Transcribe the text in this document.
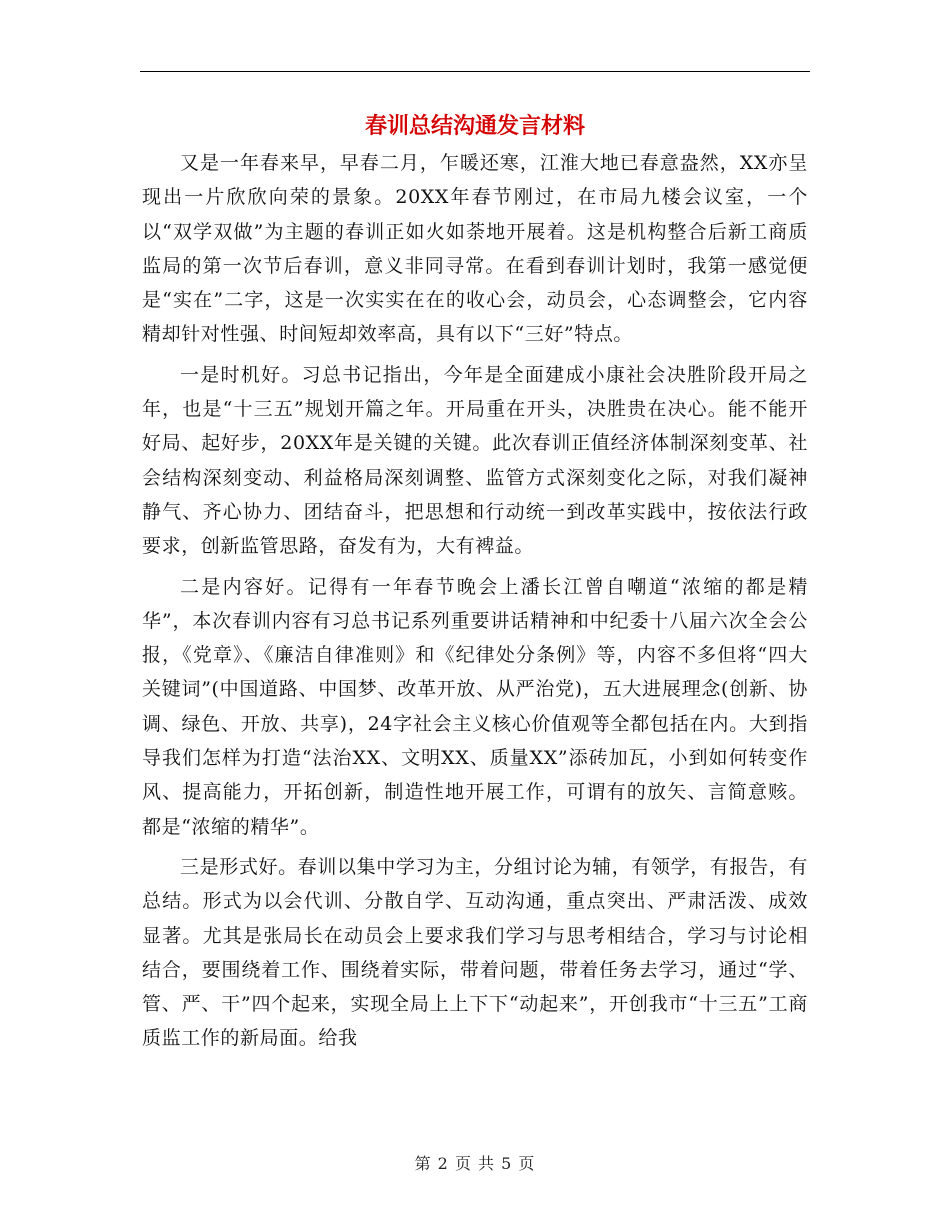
春训总结沟通发言材料

又是一年春来早，早春二月，乍暖还寒，江淮大地已春意盎然，XX亦呈现出一片欣欣向荣的景象。20XX年春节刚过，在市局九楼会议室，一个以“双学双做”为主题的春训正如火如荼地开展着。这是机构整合后新工商质监局的第一次节后春训，意义非同寻常。在看到春训计划时，我第一感觉便是“实在”二字，这是一次实实在在的收心会，动员会，心态调整会，它内容精却针对性强、时间短却效率高，具有以下“三好”特点。

一是时机好。习总书记指出，今年是全面建成小康社会决胜阶段开局之年，也是“十三五”规划开篇之年。开局重在开头，决胜贵在决心。能不能开好局、起好步，20XX年是关键的关键。此次春训正值经济体制深刻变革、社会结构深刻变动、利益格局深刻调整、监管方式深刻变化之际，对我们凝神静气、齐心协力、团结奋斗，把思想和行动统一到改革实践中，按依法行政要求，创新监管思路，奋发有为，大有裨益。

二是内容好。记得有一年春节晚会上潘长江曾自嘲道“浓缩的都是精华”，本次春训内容有习总书记系列重要讲话精神和中纪委十八届六次全会公报，《党章》、《廉洁自律准则》和《纪律处分条例》等，内容不多但将“四大关键词”(中国道路、中国梦、改革开放、从严治党)，五大进展理念(创新、协调、绿色、开放、共享)，24字社会主义核心价值观等全都包括在内。大到指导我们怎样为打造“法治XX、文明XX、质量XX”添砖加瓦，小到如何转变作风、提高能力，开拓创新，制造性地开展工作，可谓有的放矢、言简意赅。都是“浓缩的精华”。

三是形式好。春训以集中学习为主，分组讨论为辅，有领学，有报告，有总结。形式为以会代训、分散自学、互动沟通，重点突出、严肃活泼、成效显著。尤其是张局长在动员会上要求我们学习与思考相结合，学习与讨论相结合，要围绕着工作、围绕着实际，带着问题，带着任务去学习，通过“学、管、严、干”四个起来，实现全局上上下下“动起来”，开创我市“十三五”工商质监工作的新局面。给我

第 2 页 共 5 页
